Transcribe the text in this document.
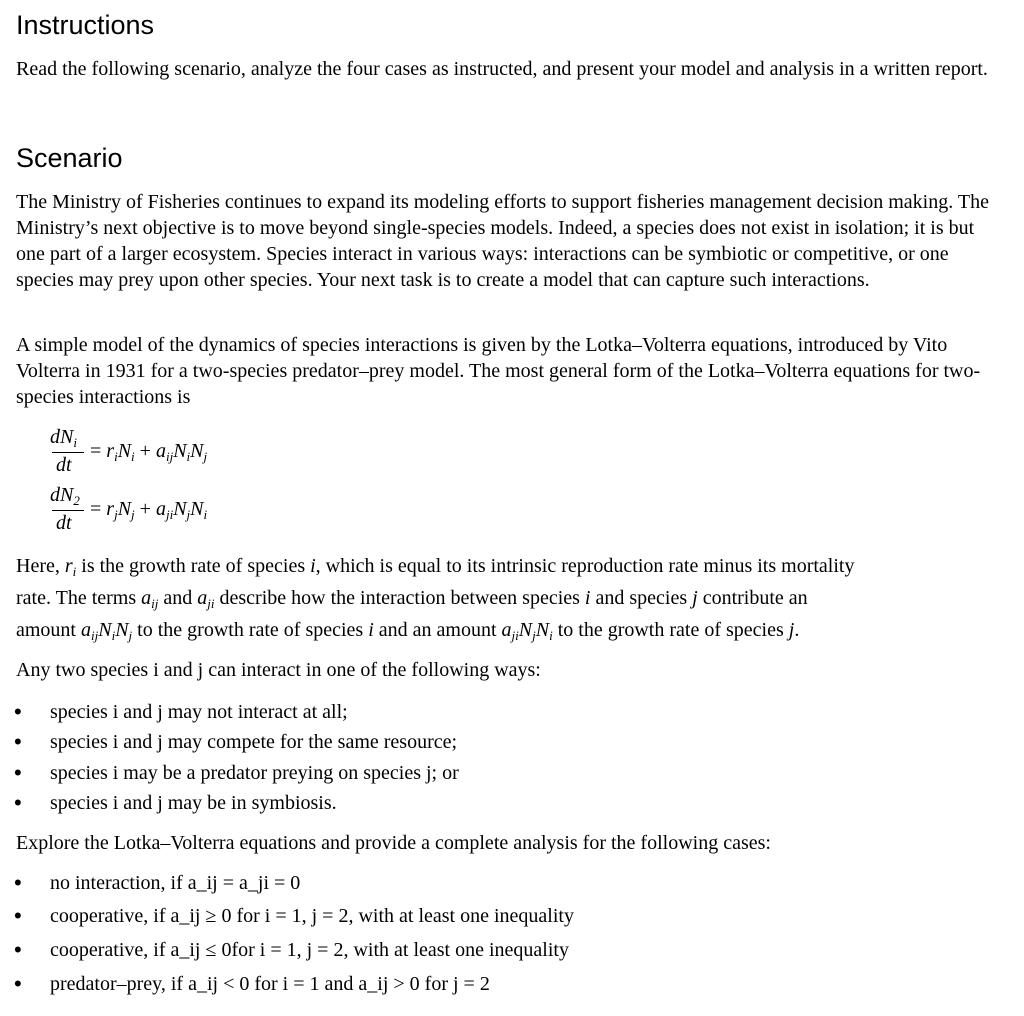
Instructions

Read the following scenario, analyze the four cases as instructed, and present your model and analysis in a written report.

Scenario

The Ministry of Fisheries continues to expand its modeling efforts to support fisheries management decision making. The Ministry’s next objective is to move beyond single-species models. Indeed, a species does not exist in isolation; it is but one part of a larger ecosystem. Species interact in various ways: interactions can be symbiotic or competitive, or one species may prey upon other species. Your next task is to create a model that can capture such interactions.

A simple model of the dynamics of species interactions is given by the Lotka–Volterra equations, introduced by Vito Volterra in 1931 for a two-species predator–prey model. The most general form of the Lotka–Volterra equations for two-species interactions is

$dN_i$
dt
= $r_iN_i + a_{ij}N_iN_j$
$dN_2$
dt
= $r_jN_j + a_{ji}N_jN_i$

Here, $r_i$ is the growth rate of species i, which is equal to its intrinsic reproduction rate minus its mortality
rate. The terms $a_{ij}$ and $a_{ji}$ describe how the interaction between species i and species j contribute an
amount $a_{ij}N_iN_j$ to the growth rate of species i and an amount $a_{ji}N_jN_i$ to the growth rate of species j.

Any two species i and j can interact in one of the following ways:

• species i and j may not interact at all;
• species i and j may compete for the same resource;
• species i may be a predator preying on species j; or
• species i and j may be in symbiosis.

Explore the Lotka–Volterra equations and provide a complete analysis for the following cases:

• no interaction, if a_ij = a_ji = 0
• cooperative, if a_ij ≥ 0 for i = 1, j = 2, with at least one inequality
• cooperative, if a_ij ≤ 0for i = 1, j = 2, with at least one inequality
• predator–prey, if a_ij < 0 for i = 1 and a_ij > 0 for j = 2
